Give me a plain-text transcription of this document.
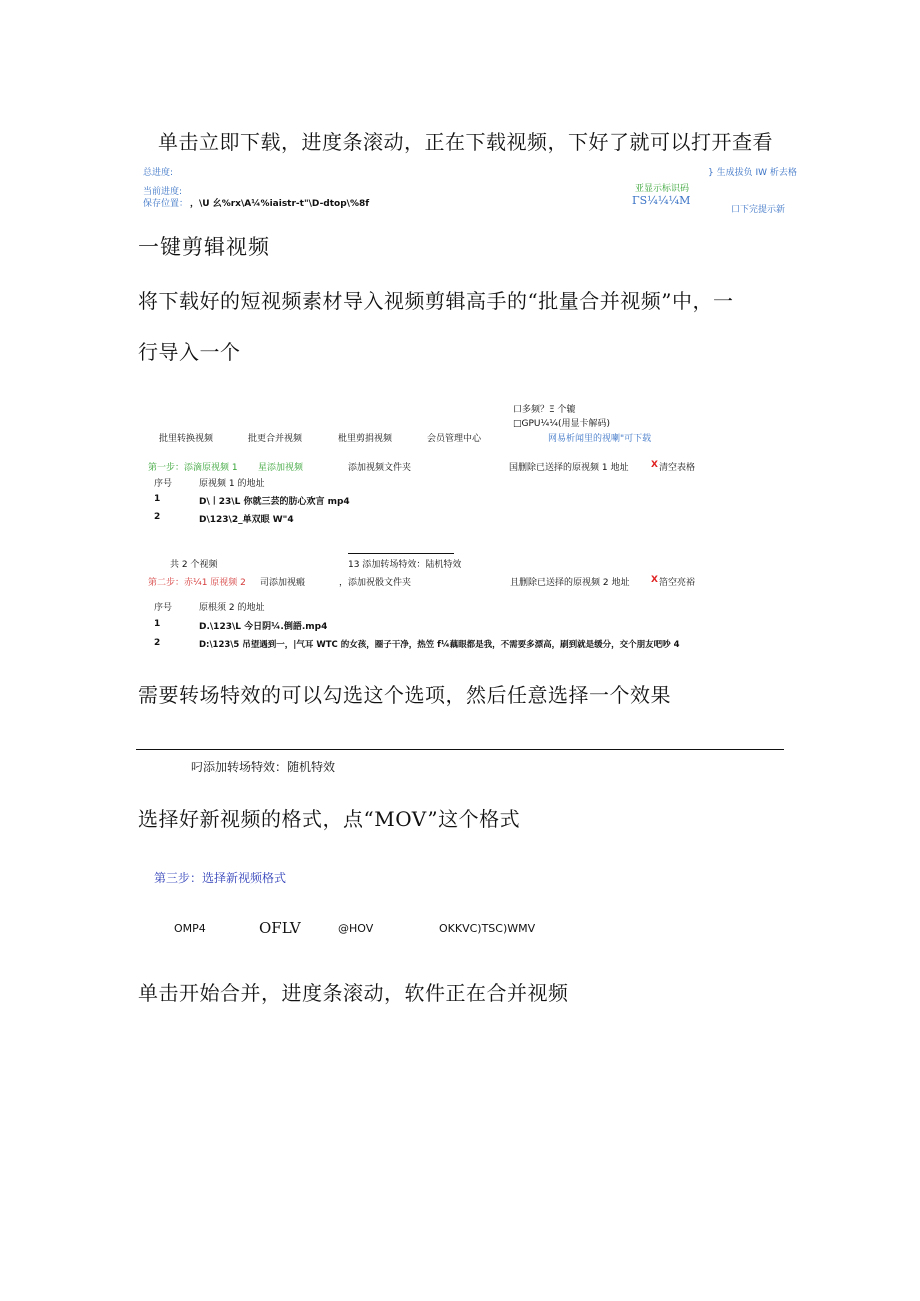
单击立即下载，进度条滚动，正在下载视频，下好了就可以打开查看
总进度:	} 生成拔负 IW 析去格
当前进度:	亚显示标识码
保存位置： ，\U 幺%rx\A¼%iaistr-t"\D-dtop\%8f	ΓS¼¼¼M
口下完提示新
一键剪辑视频
将下载好的短视频素材导入视频剪辑高手的“批量合并视频”中，一
行导入一个
口多频？Ξ 个辘
□GPU¼¼(用显卡解码)
批里转换视频	批更合并视频	枇里剪捐视频	会员管理中心	网易析闻里的视喇"可下载
第一步：添滴原视频 1 星添加视频	添加视频文件夹	国删除已送择的原视频 1 地址	X 清空表格
序号	原视频 1 的地址
1	D\〡23\L 你就三芸的肪心欢言 mp4
2	D\123\2_单双眼 W"4
共 2 个视频	13 添加转场特效：陆机特效
第二步：赤¼1 原视频 2 司添加视瘢	，添加祝骰文件夹	且删除已送择的原视频 2 地址 X 箔空亮裕
序号	原根须 2 的地址
1	D.\123\L 今日阴¼.倒語.mp4
2	D:\123\5 吊望遇到一，|气耳 WTC 的女孩，圈子干净，热笠 f¼藕眼都是我，不需要多漂高，刷到就是缓分，交个朋友吧吵 4
需要转场特效的可以勾选这个选项，然后任意选择一个效果
叼添加转场特效：随机特效
选择好新视频的格式，点“MOV”这个格式
第三步：选择新视频格式
OMP4	OFLV	@HOV	OKKVC)TSC)WMV
单击开始合并，进度条滚动，软件正在合并视频
